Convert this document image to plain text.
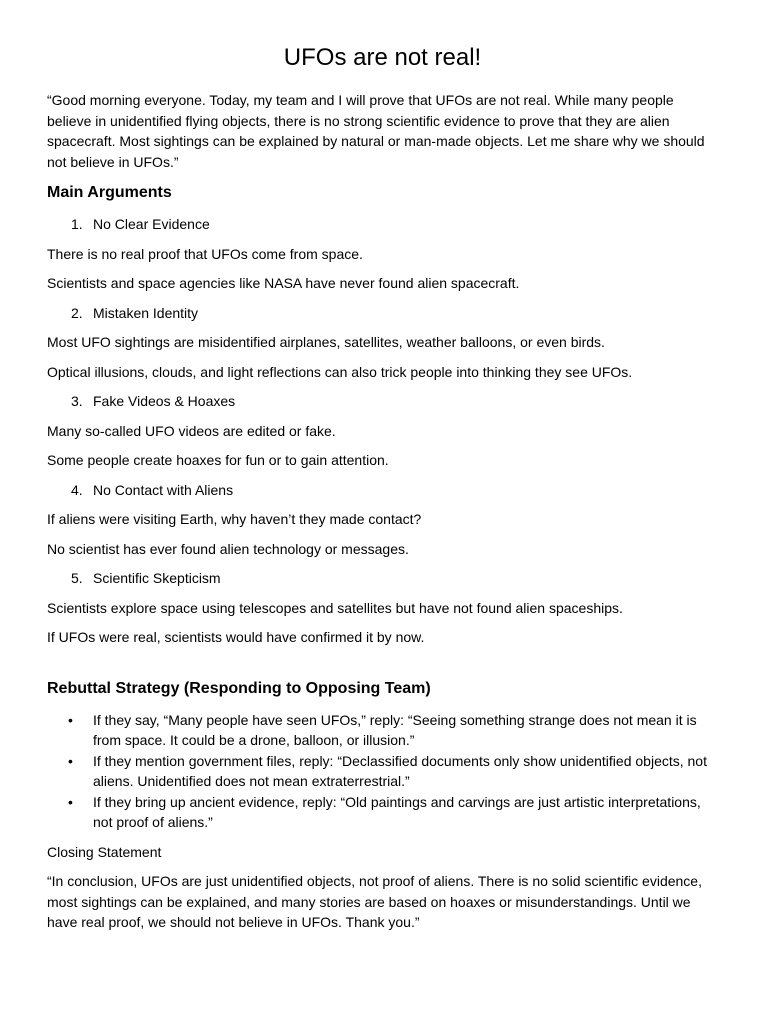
UFOs are not real!

“Good morning everyone. Today, my team and I will prove that UFOs are not real. While many people believe in unidentified flying objects, there is no strong scientific evidence to prove that they are alien spacecraft. Most sightings can be explained by natural or man-made objects. Let me share why we should not believe in UFOs.”

Main Arguments
1. No Clear Evidence

There is no real proof that UFOs come from space.

Scientists and space agencies like NASA have never found alien spacecraft.

2. Mistaken Identity

Most UFO sightings are misidentified airplanes, satellites, weather balloons, or even birds.

Optical illusions, clouds, and light reflections can also trick people into thinking they see UFOs.

3. Fake Videos & Hoaxes

Many so-called UFO videos are edited or fake.

Some people create hoaxes for fun or to gain attention.

4. No Contact with Aliens

If aliens were visiting Earth, why haven’t they made contact?

No scientist has ever found alien technology or messages.

5. Scientific Skepticism

Scientists explore space using telescopes and satellites but have not found alien spaceships.

If UFOs were real, scientists would have confirmed it by now.

Rebuttal Strategy (Responding to Opposing Team)
• If they say, “Many people have seen UFOs,” reply: “Seeing something strange does not mean it is from space. It could be a drone, balloon, or illusion.”
• If they mention government files, reply: “Declassified documents only show unidentified objects, not aliens. Unidentified does not mean extraterrestrial.”
• If they bring up ancient evidence, reply: “Old paintings and carvings are just artistic interpretations, not proof of aliens.”

Closing Statement

“In conclusion, UFOs are just unidentified objects, not proof of aliens. There is no solid scientific evidence, most sightings can be explained, and many stories are based on hoaxes or misunderstandings. Until we have real proof, we should not believe in UFOs. Thank you.”
